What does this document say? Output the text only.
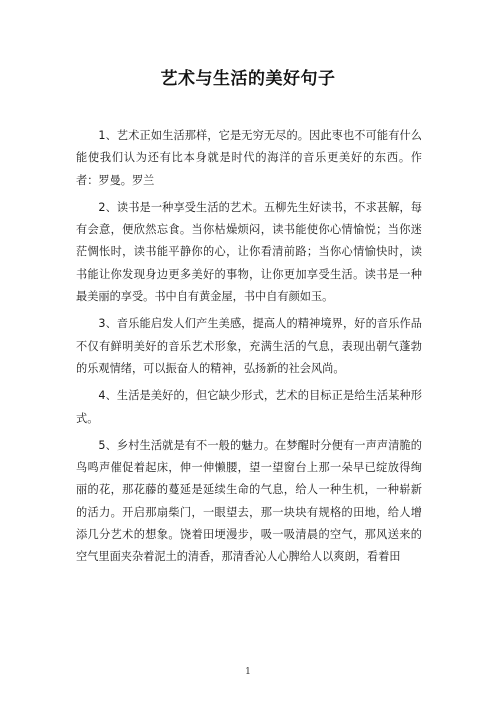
艺术与生活的美好句子

1、艺术正如生活那样，它是无穷无尽的。因此枣也不可能有什么能使我们认为还有比本身就是时代的海洋的音乐更美好的东西。作者：罗曼。罗兰

2、读书是一种享受生活的艺术。五柳先生好读书，不求甚解，每有会意，便欣然忘食。当你枯燥烦闷，读书能使你心情愉悦；当你迷茫惆怅时，读书能平静你的心，让你看清前路；当你心情愉快时，读书能让你发现身边更多美好的事物，让你更加享受生活。读书是一种最美丽的享受。书中自有黄金屋，书中自有颜如玉。

3、音乐能启发人们产生美感，提高人的精神境界，好的音乐作品不仅有鲜明美好的音乐艺术形象，充满生活的气息，表现出朝气蓬勃的乐观情绪，可以振奋人的精神，弘扬新的社会风尚。

4、生活是美好的，但它缺少形式，艺术的目标正是给生活某种形式。

5、乡村生活就是有不一般的魅力。在梦醒时分便有一声声清脆的鸟鸣声催促着起床，伸一伸懒腰，望一望窗台上那一朵早已绽放得绚丽的花，那花藤的蔓延是延续生命的气息，给人一种生机，一种崭新的活力。开启那扇柴门，一眼望去，那一块块有规格的田地，给人增添几分艺术的想象。饶着田埂漫步，吸一吸清晨的空气，那风送来的空气里面夹杂着泥土的清香，那清香沁人心脾给人以爽朗，看着田

1
